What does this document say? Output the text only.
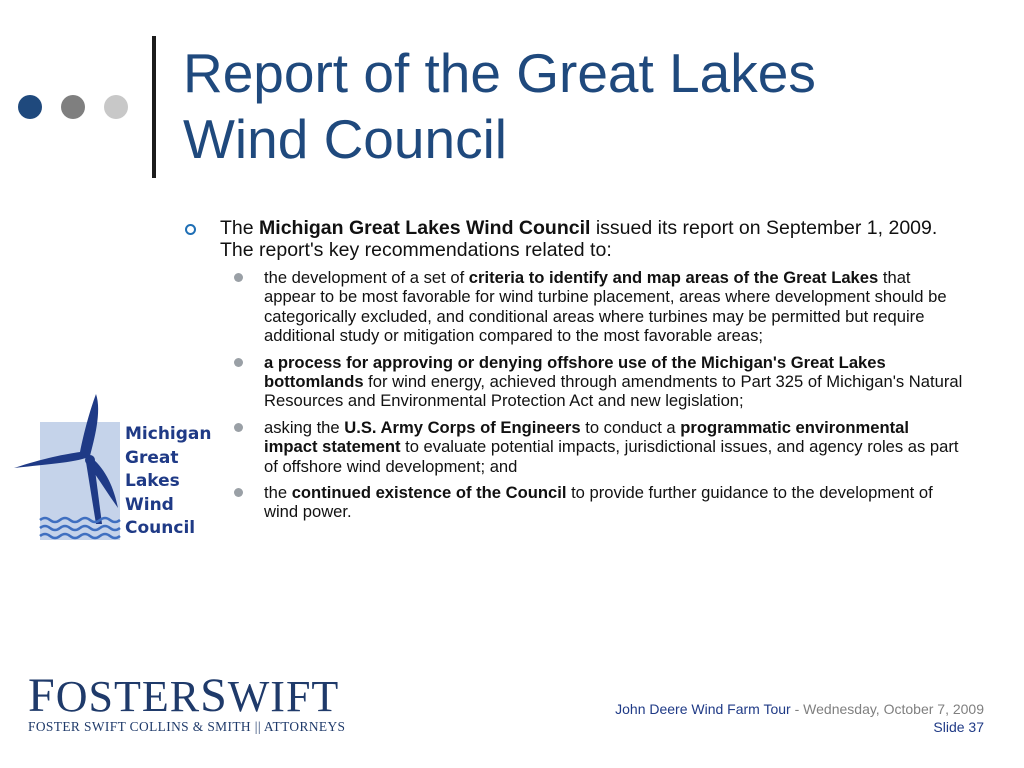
Report of the Great Lakes
Wind Council
The Michigan Great Lakes Wind Council issued its report on September 1, 2009. The report's key recommendations related to:
the development of a set of criteria to identify and map areas of the Great Lakes that appear to be most favorable for wind turbine placement, areas where development should be categorically excluded, and conditional areas where turbines may be permitted but require additional study or mitigation compared to the most favorable areas;
a process for approving or denying offshore use of the Michigan's Great Lakes bottomlands for wind energy, achieved through amendments to Part 325 of Michigan's Natural Resources and Environmental Protection Act and new legislation;
asking the U.S. Army Corps of Engineers to conduct a programmatic environmental impact statement to evaluate potential impacts, jurisdictional issues, and agency roles as part of offshore wind development; and
the continued existence of the Council to provide further guidance to the development of wind power.
Michigan
Great
Lakes
Wind
Council
FOSTERSWIFT
FOSTER SWIFT COLLINS & SMITH || ATTORNEYS
John Deere Wind Farm Tour - Wednesday, October 7, 2009
Slide 37
